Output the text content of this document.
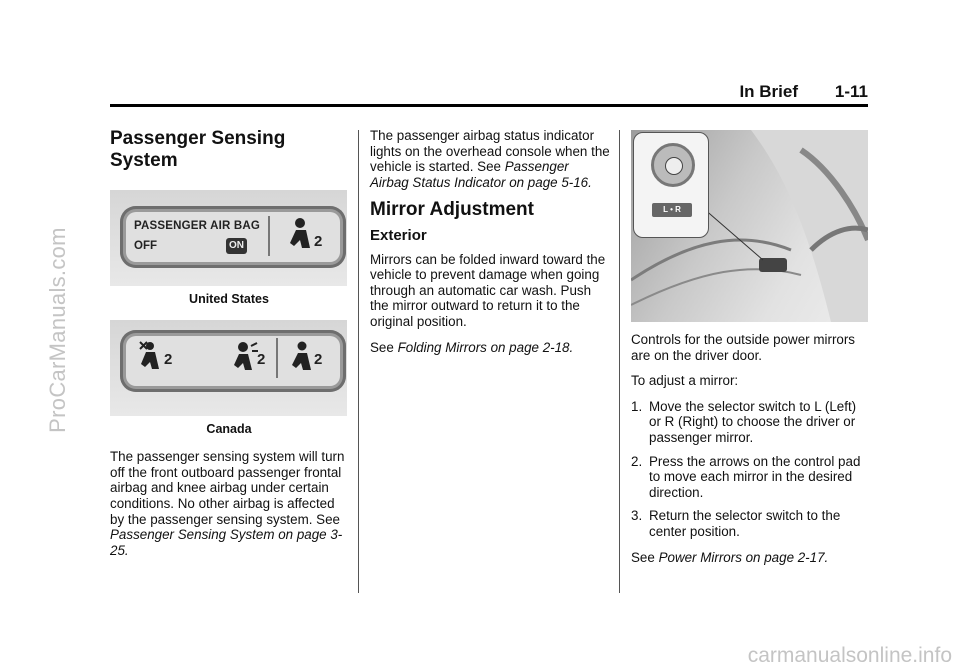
ProCarManuals.com
carmanualsonline.info
In Brief 1-11
Passenger Sensing System
PASSENGER AIR BAG
OFF	ON	2
United States
2	2	2
Canada

The passenger sensing system will turn off the front outboard passenger frontal airbag and knee airbag under certain conditions. No other airbag is affected by the passenger sensing system. See Passenger Sensing System on page 3-25.

The passenger airbag status indicator lights on the overhead console when the vehicle is started. See Passenger Airbag Status Indicator on page 5-16.

Mirror Adjustment
Exterior

Mirrors can be folded inward toward the vehicle to prevent damage when going through an automatic car wash. Push the mirror outward to return it to the original position.

See Folding Mirrors on page 2-18.

L • R

Controls for the outside power mirrors are on the driver door.

To adjust a mirror:

1. Move the selector switch to L (Left) or R (Right) to choose the driver or passenger mirror.
2. Press the arrows on the control pad to move each mirror in the desired direction.
3. Return the selector switch to the center position.

See Power Mirrors on page 2-17.
